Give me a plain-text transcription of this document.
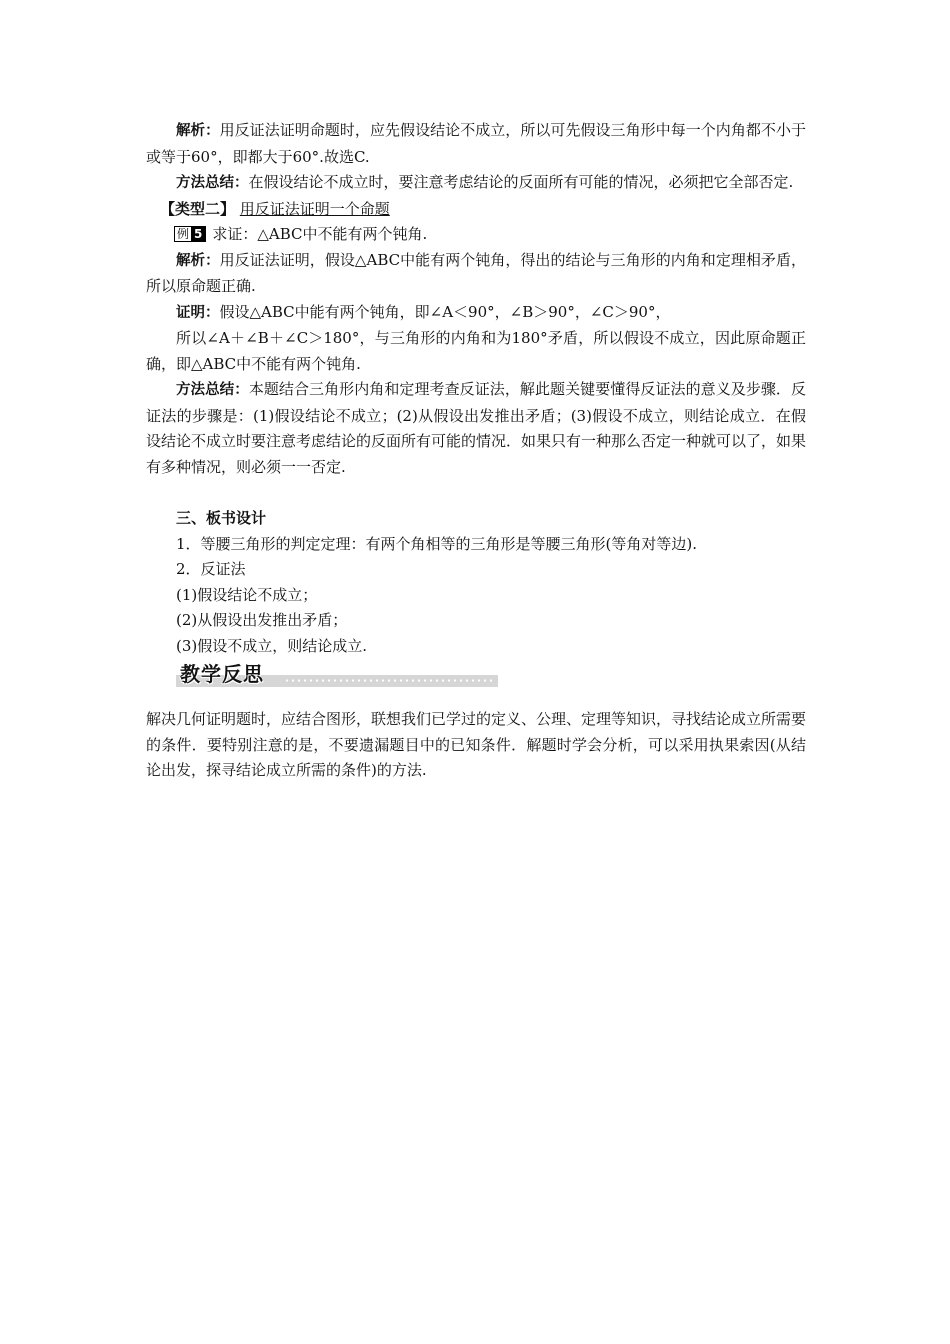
解析：用反证法证明命题时，应先假设结论不成立，所以可先假设三角形中每一个内角都不小于或等于60°，即都大于60°.故选C.

方法总结：在假设结论不成立时，要注意考虑结论的反面所有可能的情况，必须把它全部否定.

【类型二】 用反证法证明一个命题

例 5 求证：△ABC中不能有两个钝角.

解析：用反证法证明，假设△ABC中能有两个钝角，得出的结论与三角形的内角和定理相矛盾，所以原命题正确.

证明：假设△ABC中能有两个钝角，即∠A＜90°，∠B＞90°，∠C＞90°，

所以∠A＋∠B＋∠C＞180°，与三角形的内角和为180°矛盾，所以假设不成立，因此原命题正确，即△ABC中不能有两个钝角.

方法总结：本题结合三角形内角和定理考查反证法，解此题关键要懂得反证法的意义及步骤．反证法的步骤是：(1)假设结论不成立；(2)从假设出发推出矛盾；(3)假设不成立，则结论成立．在假设结论不成立时要注意考虑结论的反面所有可能的情况．如果只有一种那么否定一种就可以了，如果有多种情况，则必须一一否定.

三、板书设计

1．等腰三角形的判定定理：有两个角相等的三角形是等腰三角形(等角对等边).

2．反证法

(1)假设结论不成立；

(2)从假设出发推出矛盾；

(3)假设不成立，则结论成立.

教学反思

解决几何证明题时，应结合图形，联想我们已学过的定义、公理、定理等知识，寻找结论成立所需要的条件．要特别注意的是，不要遗漏题目中的已知条件．解题时学会分析，可以采用执果索因(从结论出发，探寻结论成立所需的条件)的方法.
